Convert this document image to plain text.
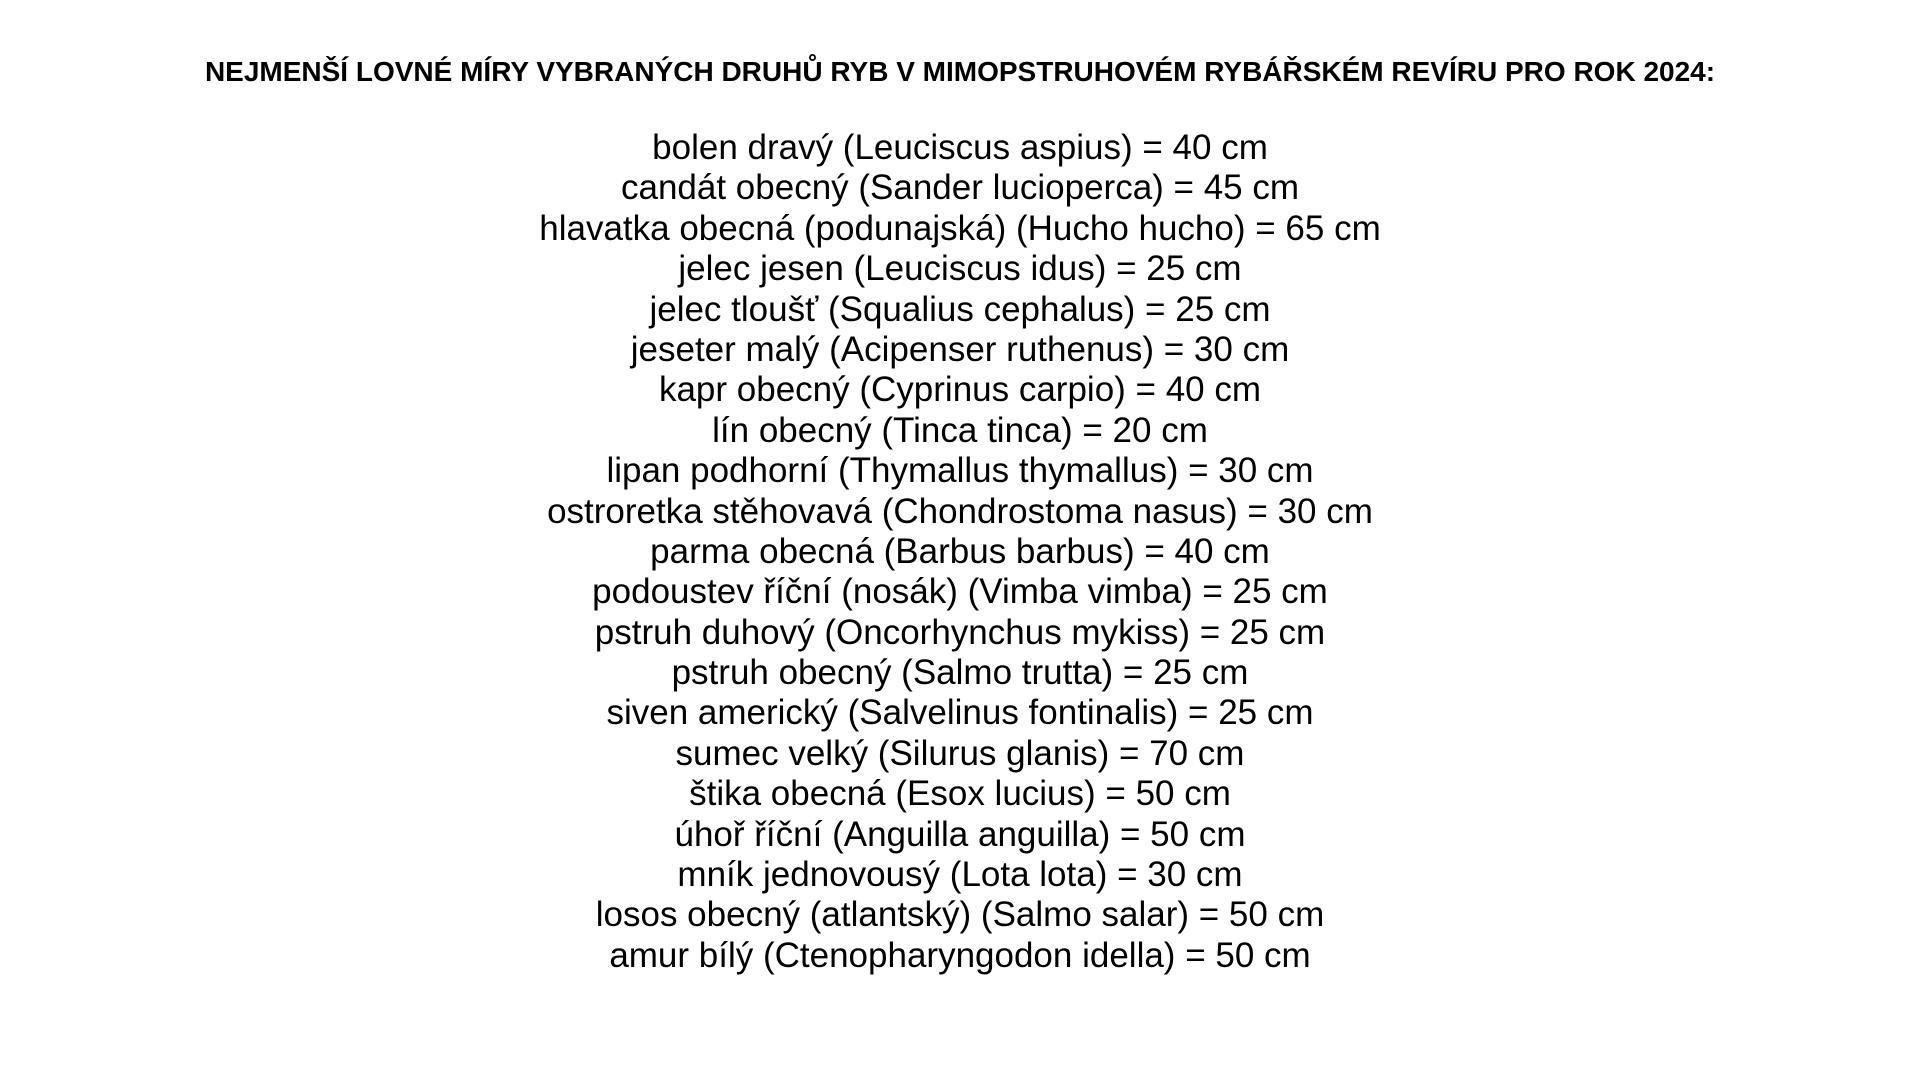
NEJMENŠÍ LOVNÉ MÍRY VYBRANÝCH DRUHŮ RYB V MIMOPSTRUHOVÉM RYBÁŘSKÉM REVÍRU PRO ROK 2024:
bolen dravý (Leuciscus aspius) = 40 cm
candát obecný (Sander lucioperca) = 45 cm
hlavatka obecná (podunajská) (Hucho hucho) = 65 cm
jelec jesen (Leuciscus idus) = 25 cm
jelec tloušť (Squalius cephalus) = 25 cm
jeseter malý (Acipenser ruthenus) = 30 cm
kapr obecný (Cyprinus carpio) = 40 cm
lín obecný (Tinca tinca) = 20 cm
lipan podhorní (Thymallus thymallus) = 30 cm
ostroretka stěhovavá (Chondrostoma nasus) = 30 cm
parma obecná (Barbus barbus) = 40 cm
podoustev říční (nosák) (Vimba vimba) = 25 cm
pstruh duhový (Oncorhynchus mykiss) = 25 cm
pstruh obecný (Salmo trutta) = 25 cm
siven americký (Salvelinus fontinalis) = 25 cm
sumec velký (Silurus glanis) = 70 cm
štika obecná (Esox lucius) = 50 cm
úhoř říční (Anguilla anguilla) = 50 cm
mník jednovousý (Lota lota) = 30 cm
losos obecný (atlantský) (Salmo salar) = 50 cm
amur bílý (Ctenopharyngodon idella) = 50 cm
